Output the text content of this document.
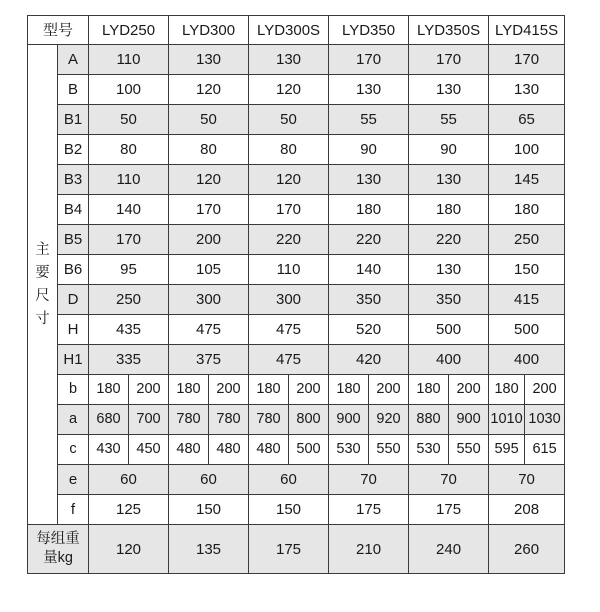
型号		LYD250		LYD300		LYD300S		LYD350		LYD350S		LYD415S	

主
要
尺
寸	A	110		130		130		170		170		170	
	B	100		120		120		130		130		130	
	B1	50		50		50		55		55		65	
	B2	80		80		80		90		90		100	
	B3	110		120		120		130		130		145	
	B4	140		170		170		180		180		180	
	B5	170		200		220		220		220		250	
	B6	95		105		110		140		130		150	
	D	250		300		300		350		350		415	
	H	435		475		475		520		500		500	
	H1	335		375		475		420		400		400	
	b	180	200	180	200	180	200	180	200	180	200	180	200
	a	680	700	780	780	780	800	900	920	880	900	1010	1030
	c	430	450	480	480	480	500	530	550	530	550	595	615
	e	60		60		60		70		70		70	
	f	125		150		150		175		175		208	

每组重
量kg		120		135		175		210		240		260	
